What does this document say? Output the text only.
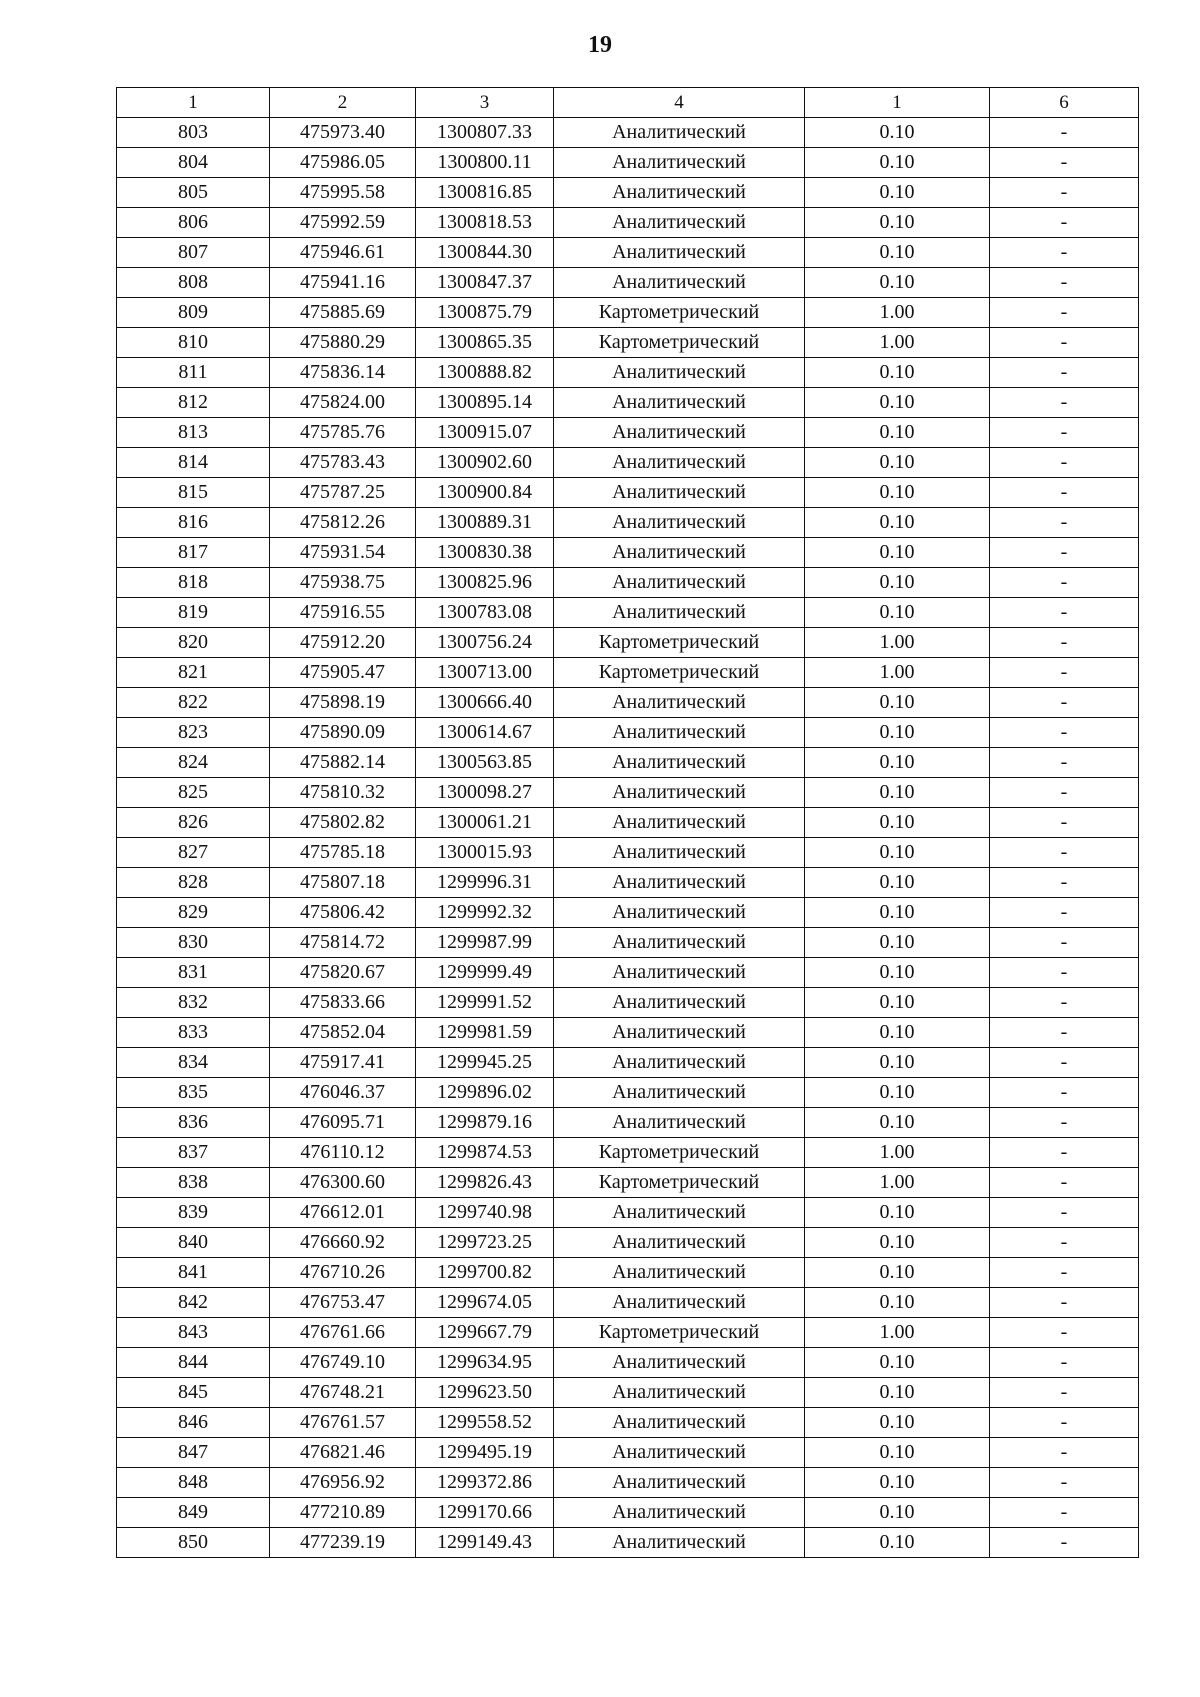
19
1	2	3	4	1	6
803	475973.40	1300807.33	Аналитический	0.10	-
804	475986.05	1300800.11	Аналитический	0.10	-
805	475995.58	1300816.85	Аналитический	0.10	-
806	475992.59	1300818.53	Аналитический	0.10	-
807	475946.61	1300844.30	Аналитический	0.10	-
808	475941.16	1300847.37	Аналитический	0.10	-
809	475885.69	1300875.79	Картометрический	1.00	-
810	475880.29	1300865.35	Картометрический	1.00	-
811	475836.14	1300888.82	Аналитический	0.10	-
812	475824.00	1300895.14	Аналитический	0.10	-
813	475785.76	1300915.07	Аналитический	0.10	-
814	475783.43	1300902.60	Аналитический	0.10	-
815	475787.25	1300900.84	Аналитический	0.10	-
816	475812.26	1300889.31	Аналитический	0.10	-
817	475931.54	1300830.38	Аналитический	0.10	-
818	475938.75	1300825.96	Аналитический	0.10	-
819	475916.55	1300783.08	Аналитический	0.10	-
820	475912.20	1300756.24	Картометрический	1.00	-
821	475905.47	1300713.00	Картометрический	1.00	-
822	475898.19	1300666.40	Аналитический	0.10	-
823	475890.09	1300614.67	Аналитический	0.10	-
824	475882.14	1300563.85	Аналитический	0.10	-
825	475810.32	1300098.27	Аналитический	0.10	-
826	475802.82	1300061.21	Аналитический	0.10	-
827	475785.18	1300015.93	Аналитический	0.10	-
828	475807.18	1299996.31	Аналитический	0.10	-
829	475806.42	1299992.32	Аналитический	0.10	-
830	475814.72	1299987.99	Аналитический	0.10	-
831	475820.67	1299999.49	Аналитический	0.10	-
832	475833.66	1299991.52	Аналитический	0.10	-
833	475852.04	1299981.59	Аналитический	0.10	-
834	475917.41	1299945.25	Аналитический	0.10	-
835	476046.37	1299896.02	Аналитический	0.10	-
836	476095.71	1299879.16	Аналитический	0.10	-
837	476110.12	1299874.53	Картометрический	1.00	-
838	476300.60	1299826.43	Картометрический	1.00	-
839	476612.01	1299740.98	Аналитический	0.10	-
840	476660.92	1299723.25	Аналитический	0.10	-
841	476710.26	1299700.82	Аналитический	0.10	-
842	476753.47	1299674.05	Аналитический	0.10	-
843	476761.66	1299667.79	Картометрический	1.00	-
844	476749.10	1299634.95	Аналитический	0.10	-
845	476748.21	1299623.50	Аналитический	0.10	-
846	476761.57	1299558.52	Аналитический	0.10	-
847	476821.46	1299495.19	Аналитический	0.10	-
848	476956.92	1299372.86	Аналитический	0.10	-
849	477210.89	1299170.66	Аналитический	0.10	-
850	477239.19	1299149.43	Аналитический	0.10	-
